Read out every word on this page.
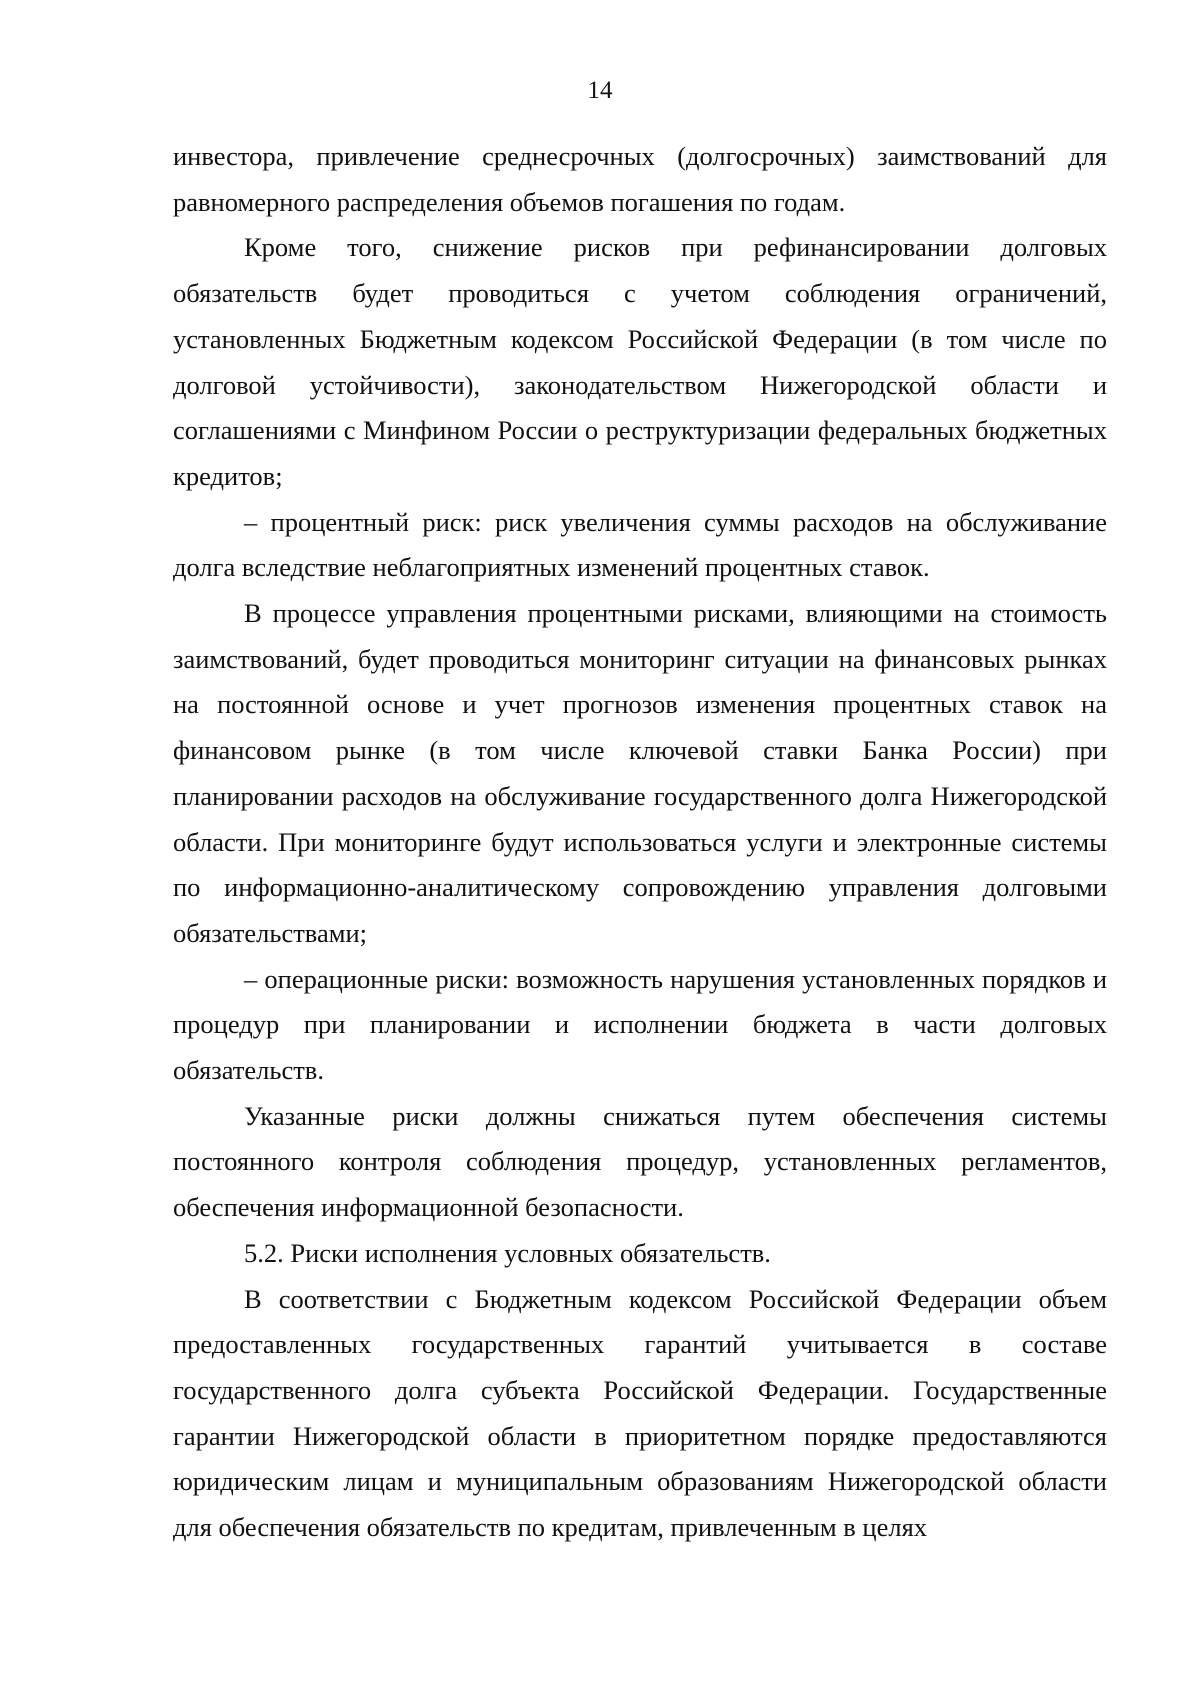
14

инвестора, привлечение среднесрочных (долгосрочных) заимствований для равномерного распределения объемов погашения по годам.

Кроме того, снижение рисков при рефинансировании долговых обязательств будет проводиться с учетом соблюдения ограничений, установленных Бюджетным кодексом Российской Федерации (в том числе по долговой устойчивости), законодательством Нижегородской области и соглашениями с Минфином России о реструктуризации федеральных бюджетных кредитов;

– процентный риск: риск увеличения суммы расходов на обслуживание долга вследствие неблагоприятных изменений процентных ставок.

В процессе управления процентными рисками, влияющими на стоимость заимствований, будет проводиться мониторинг ситуации на финансовых рынках на постоянной основе и учет прогнозов изменения процентных ставок на финансовом рынке (в том числе ключевой ставки Банка России) при планировании расходов на обслуживание государственного долга Нижегородской области. При мониторинге будут использоваться услуги и электронные системы по информационно-аналитическому сопровождению управления долговыми обязательствами;

– операционные риски: возможность нарушения установленных порядков и процедур при планировании и исполнении бюджета в части долговых обязательств.

Указанные риски должны снижаться путем обеспечения системы постоянного контроля соблюдения процедур, установленных регламентов, обеспечения информационной безопасности.

5.2. Риски исполнения условных обязательств.

В соответствии с Бюджетным кодексом Российской Федерации объем предоставленных государственных гарантий учитывается в составе государственного долга субъекта Российской Федерации. Государственные гарантии Нижегородской области в приоритетном порядке предоставляются юридическим лицам и муниципальным образованиям Нижегородской области для обеспечения обязательств по кредитам, привлеченным в целях
